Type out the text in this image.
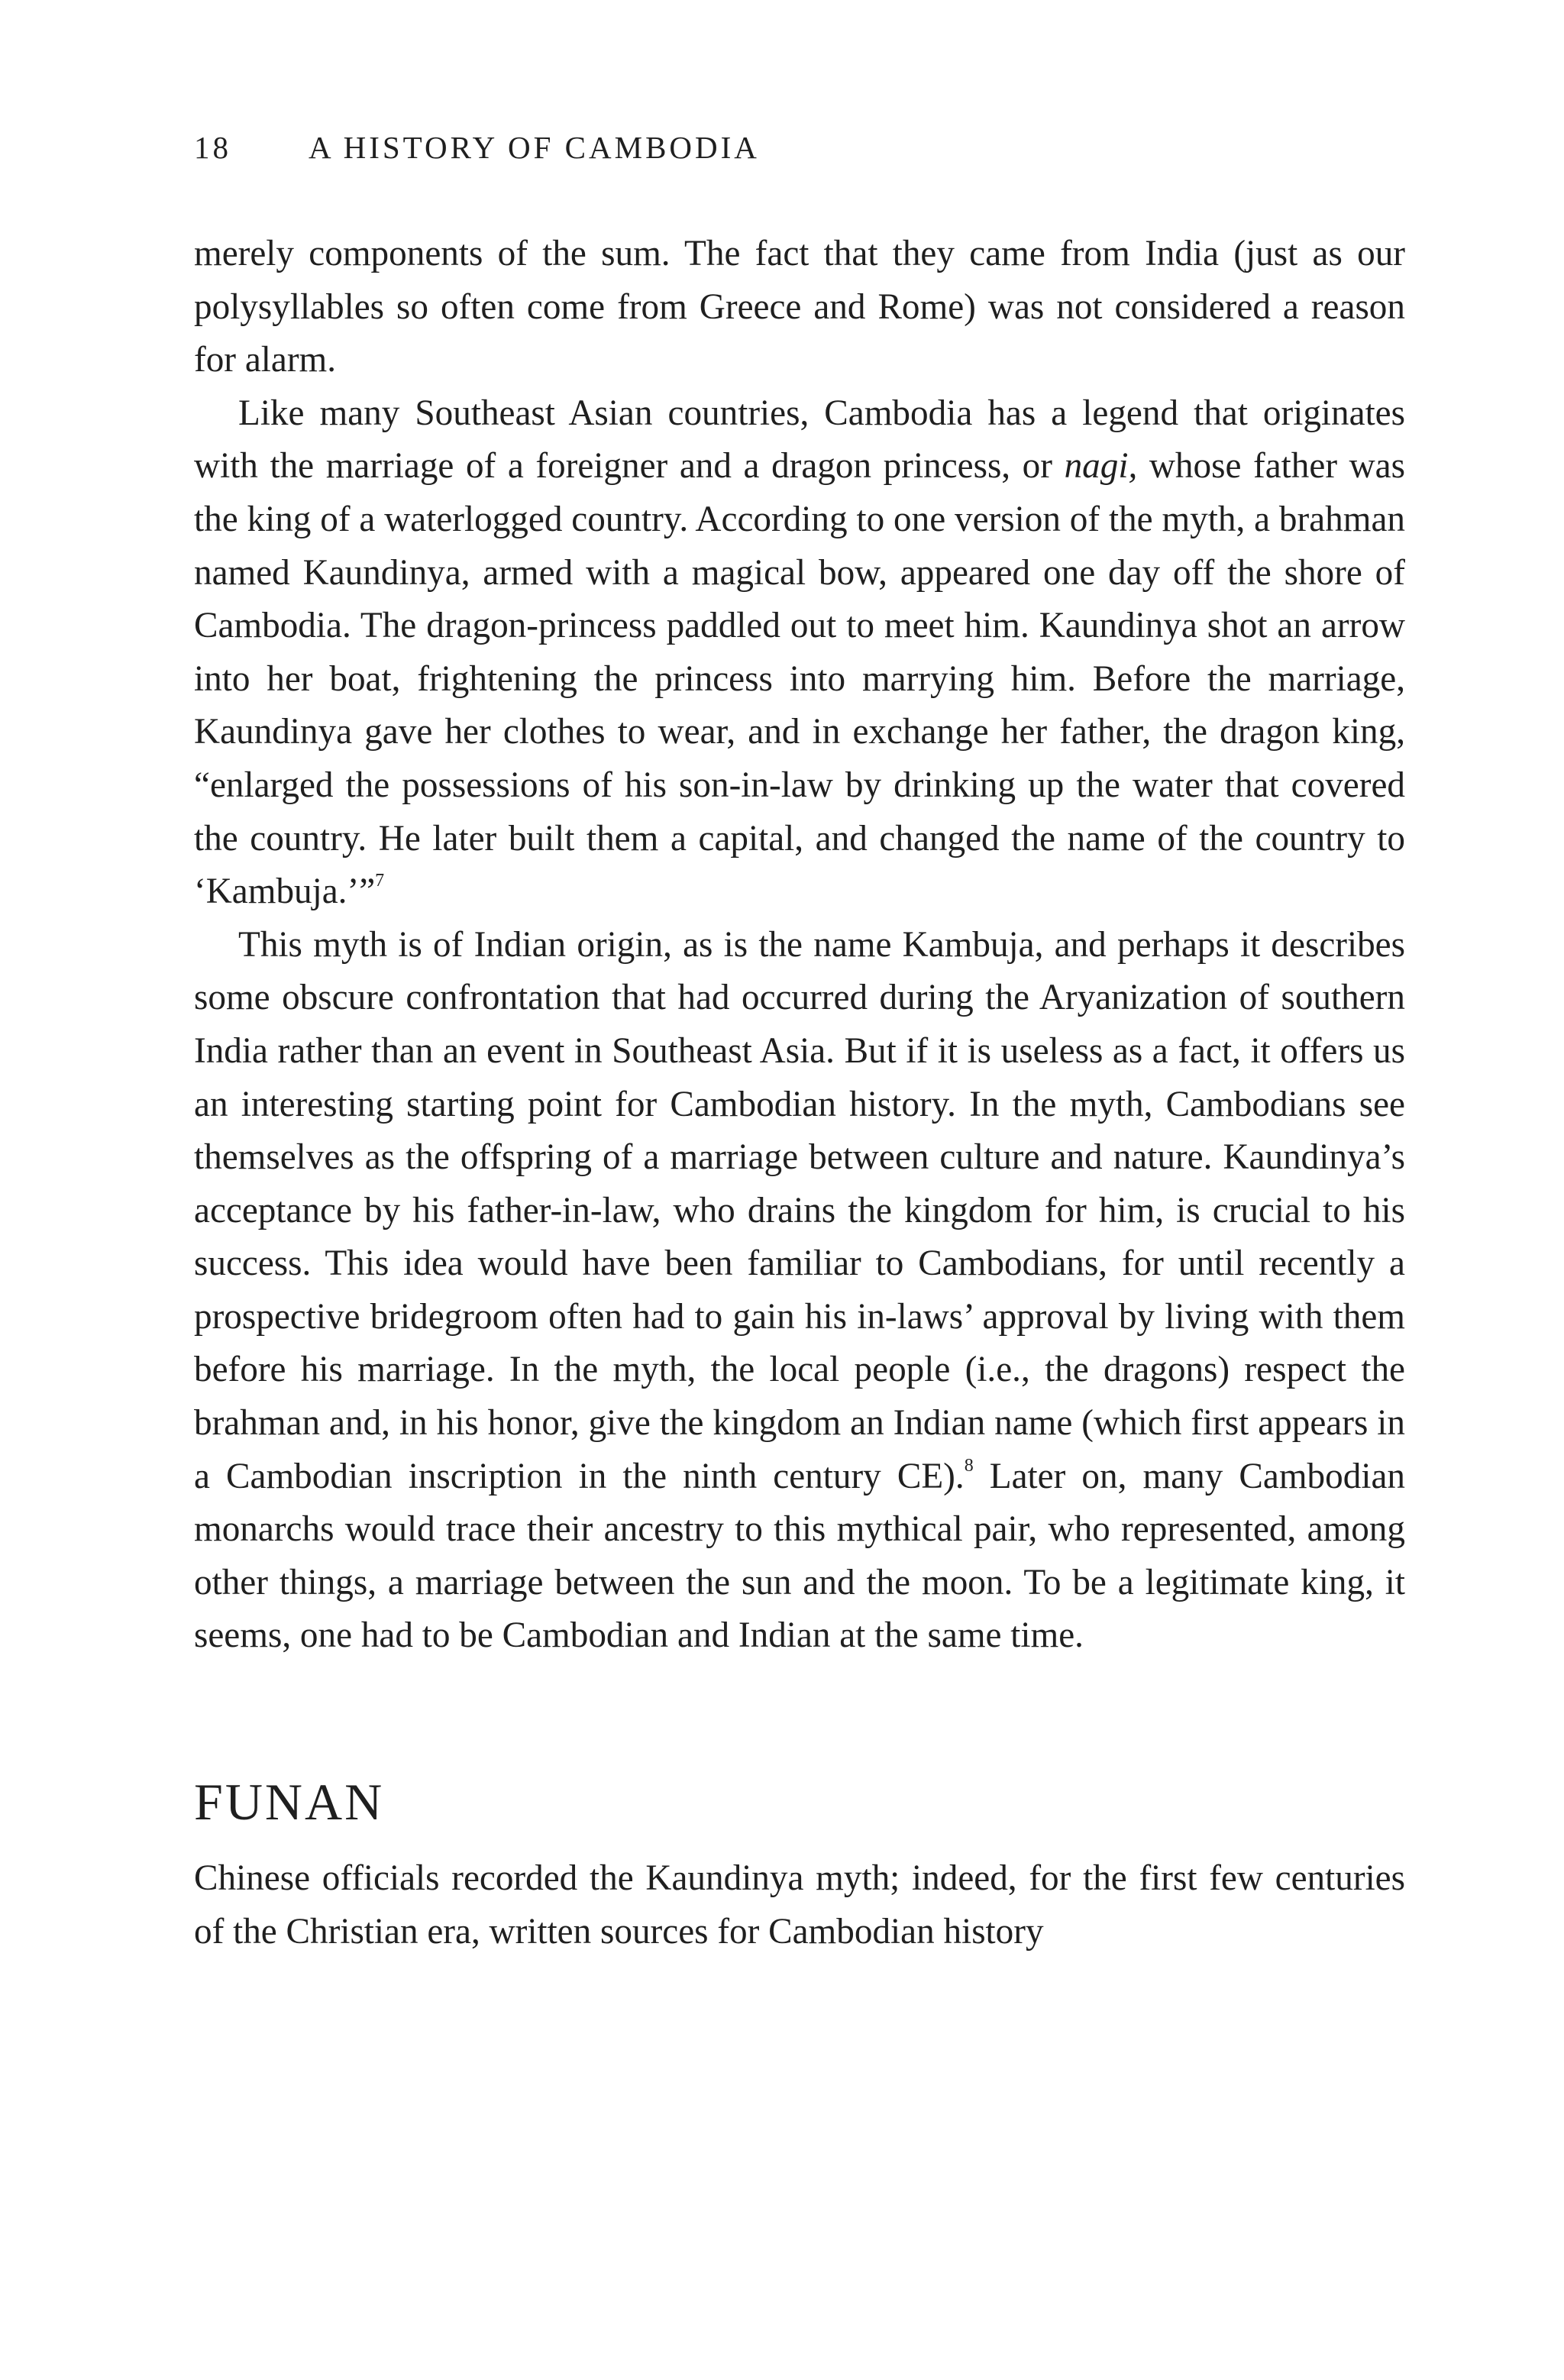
18 A HISTORY OF CAMBODIA

merely components of the sum. The fact that they came from India (just as our polysyllables so often come from Greece and Rome) was not considered a reason for alarm.

Like many Southeast Asian countries, Cambodia has a legend that originates with the marriage of a foreigner and a dragon princess, or nagi, whose father was the king of a waterlogged country. According to one version of the myth, a brahman named Kaundinya, armed with a magical bow, appeared one day off the shore of Cambodia. The dragon-princess paddled out to meet him. Kaundinya shot an arrow into her boat, frightening the princess into marrying him. Before the marriage, Kaundinya gave her clothes to wear, and in exchange her father, the dragon king, “enlarged the possessions of his son-in-law by drinking up the water that covered the country. He later built them a capital, and changed the name of the country to ‘Kambuja.’”$^7$

This myth is of Indian origin, as is the name Kambuja, and perhaps it describes some obscure confrontation that had occurred during the Aryanization of southern India rather than an event in Southeast Asia. But if it is useless as a fact, it offers us an interesting starting point for Cambodian history. In the myth, Cambodians see themselves as the offspring of a marriage between culture and nature. Kaundinya’s acceptance by his father-in-law, who drains the kingdom for him, is crucial to his success. This idea would have been familiar to Cambodians, for until recently a prospective bridegroom often had to gain his in-laws’ approval by living with them before his marriage. In the myth, the local people (i.e., the dragons) respect the brahman and, in his honor, give the kingdom an Indian name (which first appears in a Cambodian inscription in the ninth century CE).$^8$ Later on, many Cambodian monarchs would trace their ancestry to this mythical pair, who represented, among other things, a marriage between the sun and the moon. To be a legitimate king, it seems, one had to be Cambodian and Indian at the same time.

FUNAN

Chinese officials recorded the Kaundinya myth; indeed, for the first few centuries of the Christian era, written sources for Cambodian history
